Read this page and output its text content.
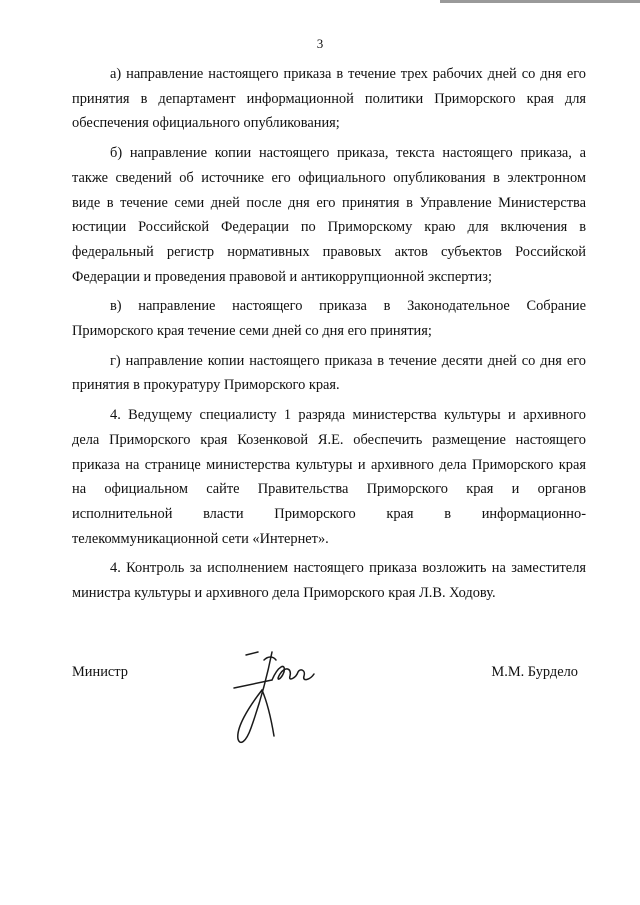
3

а) направление настоящего приказа в течение трех рабочих дней со дня его принятия в департамент информационной политики Приморского края для обеспечения официального опубликования;

б) направление копии настоящего приказа, текста настоящего приказа, а также сведений об источнике его официального опубликования в электронном виде в течение семи дней после дня его принятия в Управление Министерства юстиции Российской Федерации по Приморскому краю для включения в федеральный регистр нормативных правовых актов субъектов Российской Федерации и проведения правовой и антикоррупционной экспертиз;

в) направление настоящего приказа в Законодательное Собрание Приморского края течение семи дней со дня его принятия;

г) направление копии настоящего приказа в течение десяти дней со дня его принятия в прокуратуру Приморского края.

4. Ведущему специалисту 1 разряда министерства культуры и архивного дела Приморского края Козенковой Я.Е. обеспечить размещение настоящего приказа на странице министерства культуры и архивного дела Приморского края на официальном сайте Правительства Приморского края и органов исполнительной власти Приморского края в информационно-телекоммуникационной сети «Интернет».

4. Контроль за исполнением настоящего приказа возложить на заместителя министра культуры и архивного дела Приморского края Л.В. Ходову.

Министр	М.М. Бурдело
